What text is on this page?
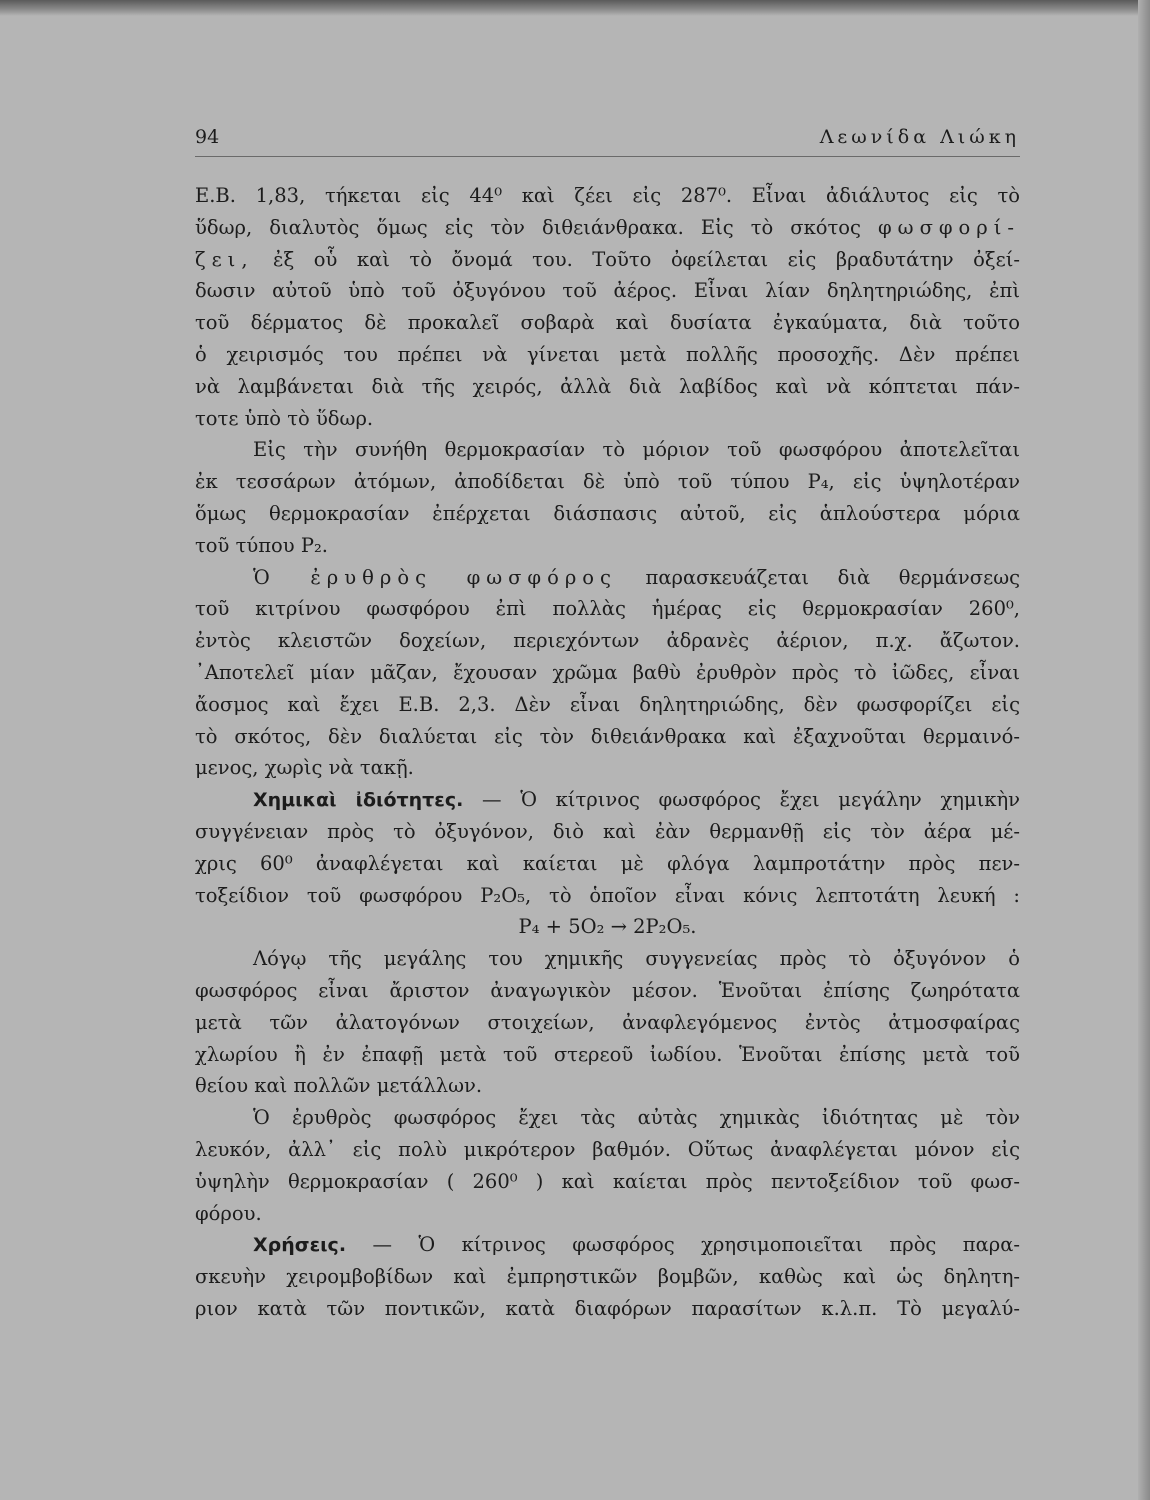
94	Λεωνίδα Λιώκη
Ε.Β. 1,83, τήκεται εἰς 44⁰ καὶ ζέει εἰς 287⁰. Εἶναι ἀδιάλυτος εἰς τὸ
ὕδωρ, διαλυτὸς ὅμως εἰς τὸν διθειάνθρακα. Εἰς τὸ σκότος φωσφορί-
ζει, ἐξ οὗ καὶ τὸ ὄνομά του. Τοῦτο ὀφείλεται εἰς βραδυτάτην ὀξεί-
δωσιν αὐτοῦ ὑπὸ τοῦ ὀξυγόνου τοῦ ἀέρος. Εἶναι λίαν δηλητηριώδης, ἐπὶ
τοῦ δέρματος δὲ προκαλεῖ σοβαρὰ καὶ δυσίατα ἐγκαύματα, διὰ τοῦτο
ὁ χειρισμός του πρέπει νὰ γίνεται μετὰ πολλῆς προσοχῆς. Δὲν πρέπει
νὰ λαμβάνεται διὰ τῆς χειρός, ἀλλὰ διὰ λαβίδος καὶ νὰ κόπτεται πάν-
τοτε ὑπὸ τὸ ὕδωρ.
Εἰς τὴν συνήθη θερμοκρασίαν τὸ μόριον τοῦ φωσφόρου ἀποτελεῖται
ἐκ τεσσάρων ἀτόμων, ἀποδίδεται δὲ ὑπὸ τοῦ τύπου P₄, εἰς ὑψηλοτέραν
ὅμως θερμοκρασίαν ἐπέρχεται διάσπασις αὐτοῦ, εἰς ἁπλούστερα μόρια
τοῦ τύπου P₂.
Ὁ ἐρυθρὸς φωσφόρος παρασκευάζεται διὰ θερμάνσεως
τοῦ κιτρίνου φωσφόρου ἐπὶ πολλὰς ἡμέρας εἰς θερμοκρασίαν 260⁰,
ἐντὸς κλειστῶν δοχείων, περιεχόντων ἀδρανὲς ἀέριον, π.χ. ἄζωτον.
᾿Αποτελεῖ μίαν μᾶζαν, ἔχουσαν χρῶμα βαθὺ ἐρυθρὸν πρὸς τὸ ἰῶδες, εἶναι
ἄοσμος καὶ ἔχει Ε.Β. 2,3. Δὲν εἶναι δηλητηριώδης, δὲν φωσφορίζει εἰς
τὸ σκότος, δὲν διαλύεται εἰς τὸν διθειάνθρακα καὶ ἐξαχνοῦται θερμαινό-
μενος, χωρὶς νὰ τακῇ.
Χημικαὶ ἰδιότητες. — Ὁ κίτρινος φωσφόρος ἔχει μεγάλην χημικὴν
συγγένειαν πρὸς τὸ ὀξυγόνον, διὸ καὶ ἐὰν θερμανθῇ εἰς τὸν ἀέρα μέ-
χρις 60⁰ ἀναφλέγεται καὶ καίεται μὲ φλόγα λαμπροτάτην πρὸς πεν-
τοξείδιον τοῦ φωσφόρου P₂O₅, τὸ ὁποῖον εἶναι κόνις λεπτοτάτη λευκή :
P₄ + 5O₂ → 2P₂O₅.
Λόγῳ τῆς μεγάλης του χημικῆς συγγενείας πρὸς τὸ ὀξυγόνον ὁ
φωσφόρος εἶναι ἄριστον ἀναγωγικὸν μέσον. Ἑνοῦται ἐπίσης ζωηρότατα
μετὰ τῶν ἀλατογόνων στοιχείων, ἀναφλεγόμενος ἐντὸς ἀτμοσφαίρας
χλωρίου ἢ ἐν ἐπαφῇ μετὰ τοῦ στερεοῦ ἰωδίου. Ἑνοῦται ἐπίσης μετὰ τοῦ
θείου καὶ πολλῶν μετάλλων.
Ὁ ἐρυθρὸς φωσφόρος ἔχει τὰς αὐτὰς χημικὰς ἰδιότητας μὲ τὸν
λευκόν, ἀλλ᾿ εἰς πολὺ μικρότερον βαθμόν. Οὕτως ἀναφλέγεται μόνον εἰς
ὑψηλὴν θερμοκρασίαν ( 260⁰ ) καὶ καίεται πρὸς πεντοξείδιον τοῦ φωσ-
φόρου.
Χρήσεις. — Ὁ κίτρινος φωσφόρος χρησιμοποιεῖται πρὸς παρα-
σκευὴν χειρομβοβίδων καὶ ἐμπρηστικῶν βομβῶν, καθὼς καὶ ὡς δηλητη-
ριον κατὰ τῶν ποντικῶν, κατὰ διαφόρων παρασίτων κ.λ.π. Τὸ μεγαλύ-
